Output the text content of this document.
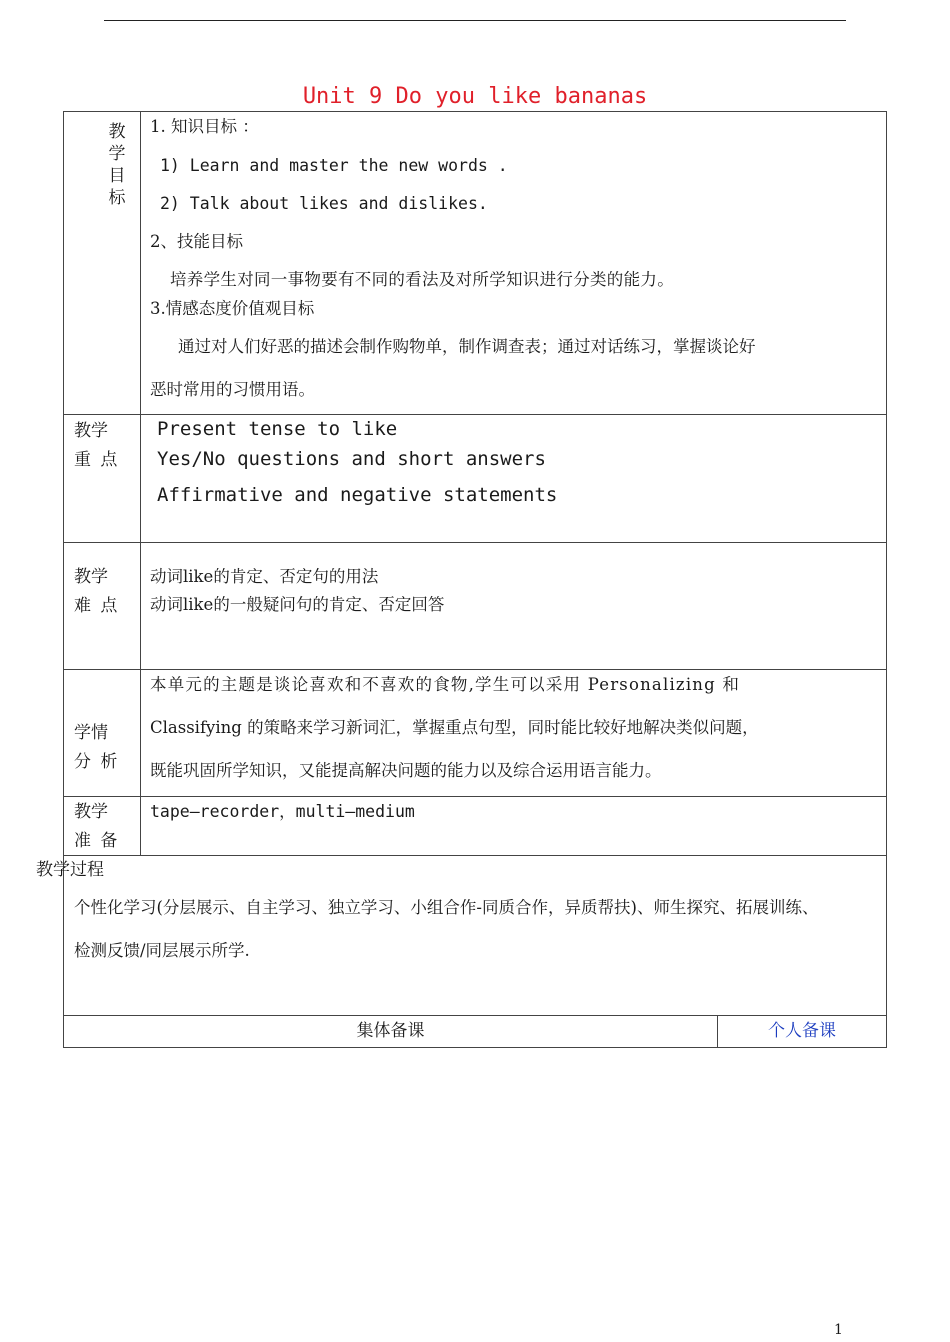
Unit 9 Do you like bananas
教学目标
1. 知识目标 ：
1) Learn and master the new words .
2) Talk about likes and dislikes.
2、技能目标
培养学生对同一事物要有不同的看法及对所学知识进行分类的能力。
3.情感态度价值观目标
通过对人们好恶的描述会制作购物单，制作调查表；通过对话练习，掌握谈论好
恶时常用的习惯用语。
教学
重 点
Present tense to like
Yes/No questions and short answers
Affirmative and negative statements
教学
难 点
动词like的肯定、否定句的用法
动词like的一般疑问句的肯定、否定回答
学情
分 析
本单元的主题是谈论喜欢和不喜欢的食物,学生可以采用 Personalizing 和
Classifying 的策略来学习新词汇，掌握重点句型，同时能比较好地解决类似问题，
既能巩固所学知识，又能提高解决问题的能力以及综合运用语言能力。
教学
准 备
tape—recorder，multi—medium
教学过程
个性化学习(分层展示、自主学习、独立学习、小组合作-同质合作，异质帮扶)、师生探究、拓展训练、
检测反馈/同层展示所学.
集体备课	个人备课
1
